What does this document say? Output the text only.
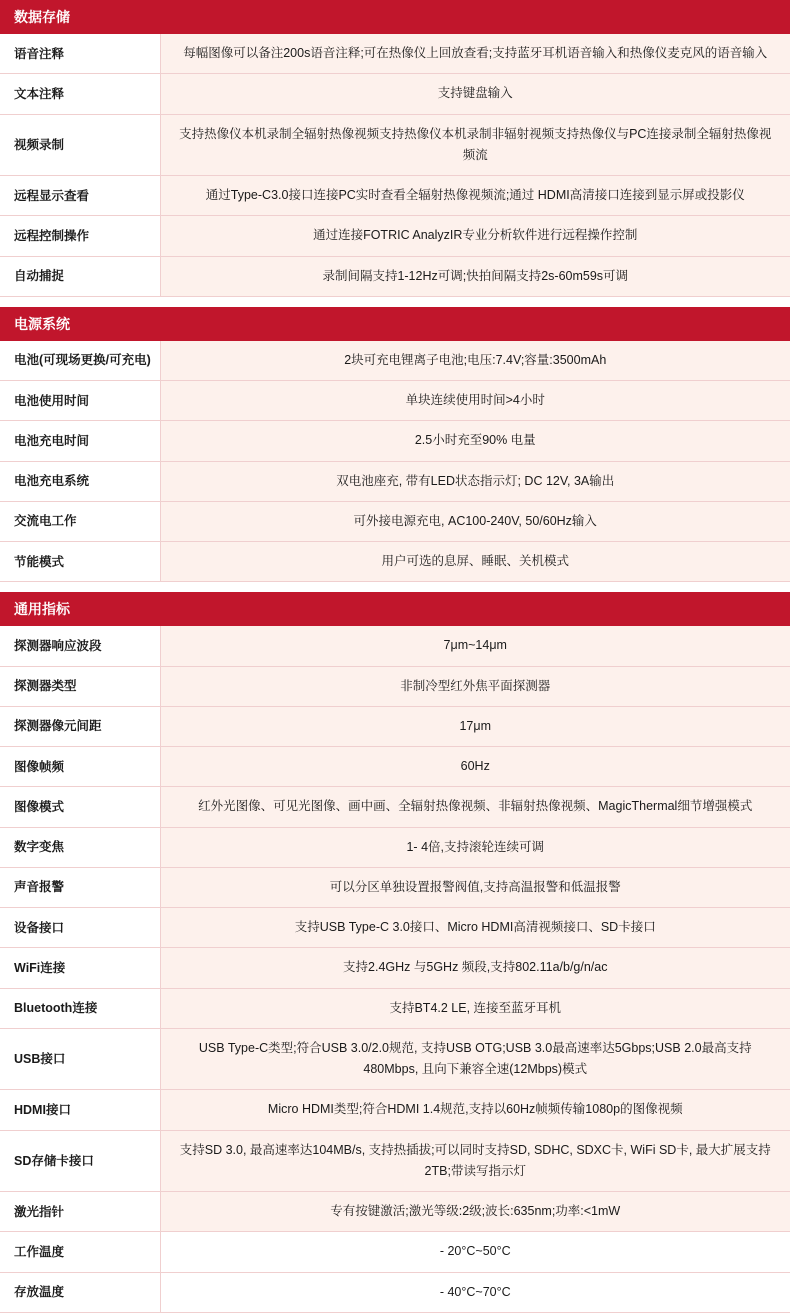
数据存储	
语音注释	每幅图像可以备注200s语音注释;可在热像仪上回放查看;支持蓝牙耳机语音输入和热像仪麦克风的语音输入
文本注释	支持键盘输入
视频录制	支持热像仪本机录制全辐射热像视频支持热像仪本机录制非辐射视频支持热像仪与PC连接录制全辐射热像视频流
远程显示查看	通过Type-C3.0接口连接PC实时查看全辐射热像视频流;通过 HDMI高清接口连接到显示屏或投影仪
远程控制操作	通过连接FOTRIC AnalyzIR专业分析软件进行远程操作控制
自动捕捉	录制间隔支持1-12Hz可调;快拍间隔支持2s-60m59s可调

电源系统	
电池(可现场更换/可充电)	2块可充电锂离子电池;电压:7.4V;容量:3500mAh
电池使用时间	单块连续使用时间>4小时
电池充电时间	2.5小时充至90% 电量
电池充电系统	双电池座充, 带有LED状态指示灯; DC 12V, 3A输出
交流电工作	可外接电源充电, AC100-240V, 50/60Hz输入
节能模式	用户可选的息屏、睡眠、关机模式

通用指标	
探测器响应波段	7μm~14μm
探测器类型	非制冷型红外焦平面探测器
探测器像元间距	17μm
图像帧频	60Hz
图像模式	红外光图像、可见光图像、画中画、全辐射热像视频、非辐射热像视频、MagicThermal细节增强模式
数字变焦	1- 4倍,支持滚轮连续可调
声音报警	可以分区单独设置报警阀值,支持高温报警和低温报警
设备接口	支持USB Type-C 3.0接口、Micro HDMI高清视频接口、SD卡接口
WiFi连接	支持2.4GHz 与5GHz 频段,支持802.11a/b/g/n/ac
Bluetooth连接	支持BT4.2 LE, 连接至蓝牙耳机
USB接口	USB Type-C类型;符合USB 3.0/2.0规范, 支持USB OTG;USB 3.0最高速率达5Gbps;USB 2.0最高支持480Mbps, 且向下兼容全速(12Mbps)模式
HDMI接口	Micro HDMI类型;符合HDMI 1.4规范,支持以60Hz帧频传输1080p的图像视频
SD存储卡接口	支持SD 3.0, 最高速率达104MB/s, 支持热插拔;可以同时支持SD, SDHC, SDXC卡, WiFi SD卡, 最大扩展支持2TB;带读写指示灯
激光指针	专有按键激活;激光等级:2级;波长:635nm;功率:<1mW
工作温度	- 20°C~50°C
存放温度	- 40°C~70°C
